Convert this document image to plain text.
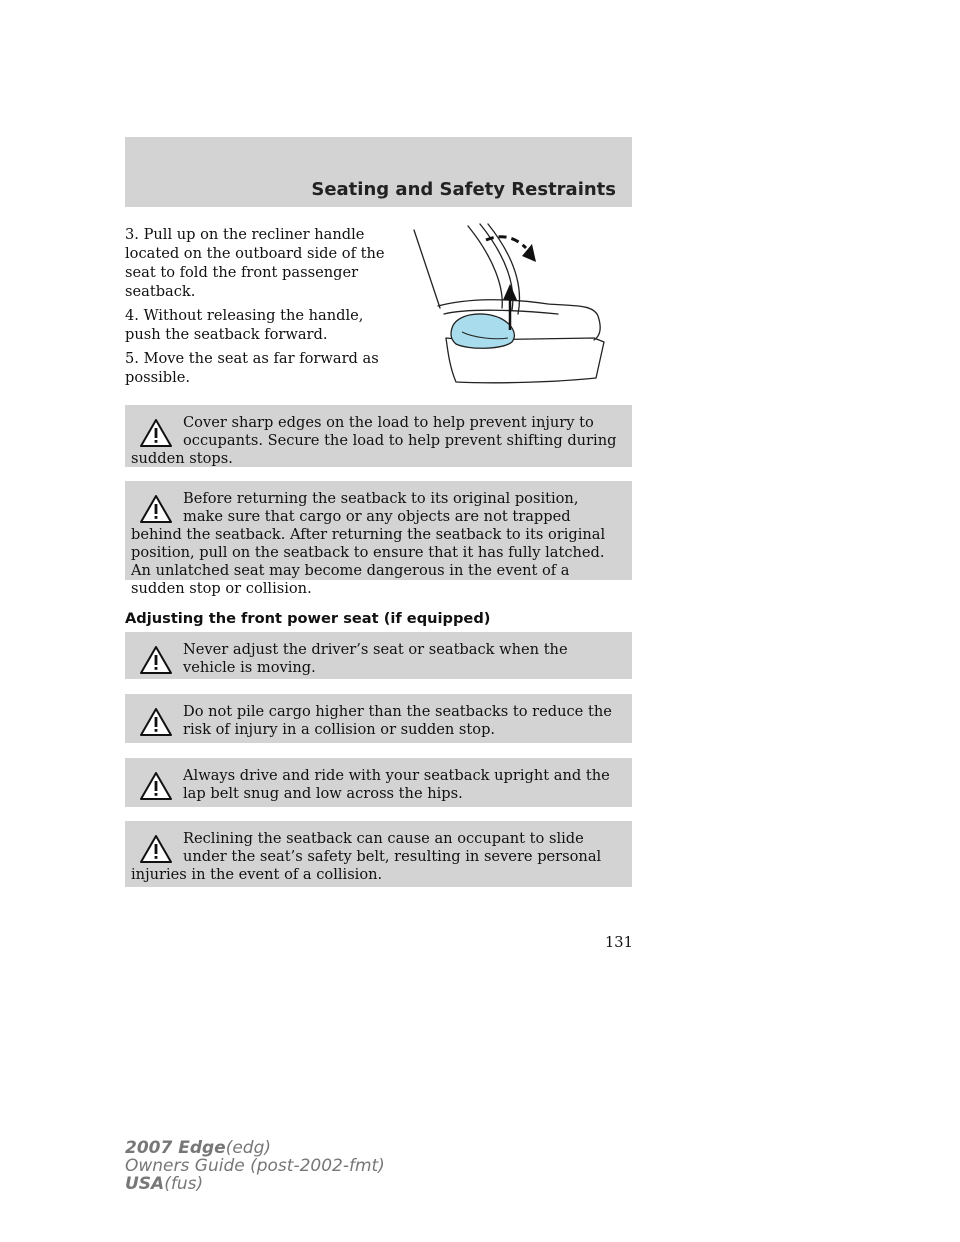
Seating and Safety Restraints

3. Pull up on the recliner handle located on the outboard side of the seat to fold the front passenger seatback.

4. Without releasing the handle, push the seatback forward.

5. Move the seat as far forward as possible.

Cover sharp edges on the load to help prevent injury to occupants. Secure the load to help prevent shifting during sudden stops.

Before returning the seatback to its original position, make sure that cargo or any objects are not trapped behind the seatback. After returning the seatback to its original position, pull on the seatback to ensure that it has fully latched. An unlatched seat may become dangerous in the event of a sudden stop or collision.

Adjusting the front power seat (if equipped)

Never adjust the driver’s seat or seatback when the vehicle is moving.

Do not pile cargo higher than the seatbacks to reduce the risk of injury in a collision or sudden stop.

Always drive and ride with your seatback upright and the lap belt snug and low across the hips.

Reclining the seatback can cause an occupant to slide under the seat’s safety belt, resulting in severe personal injuries in the event of a collision.

131
2007 Edge(edg)
Owners Guide (post-2002-fmt)
USA(fus)
